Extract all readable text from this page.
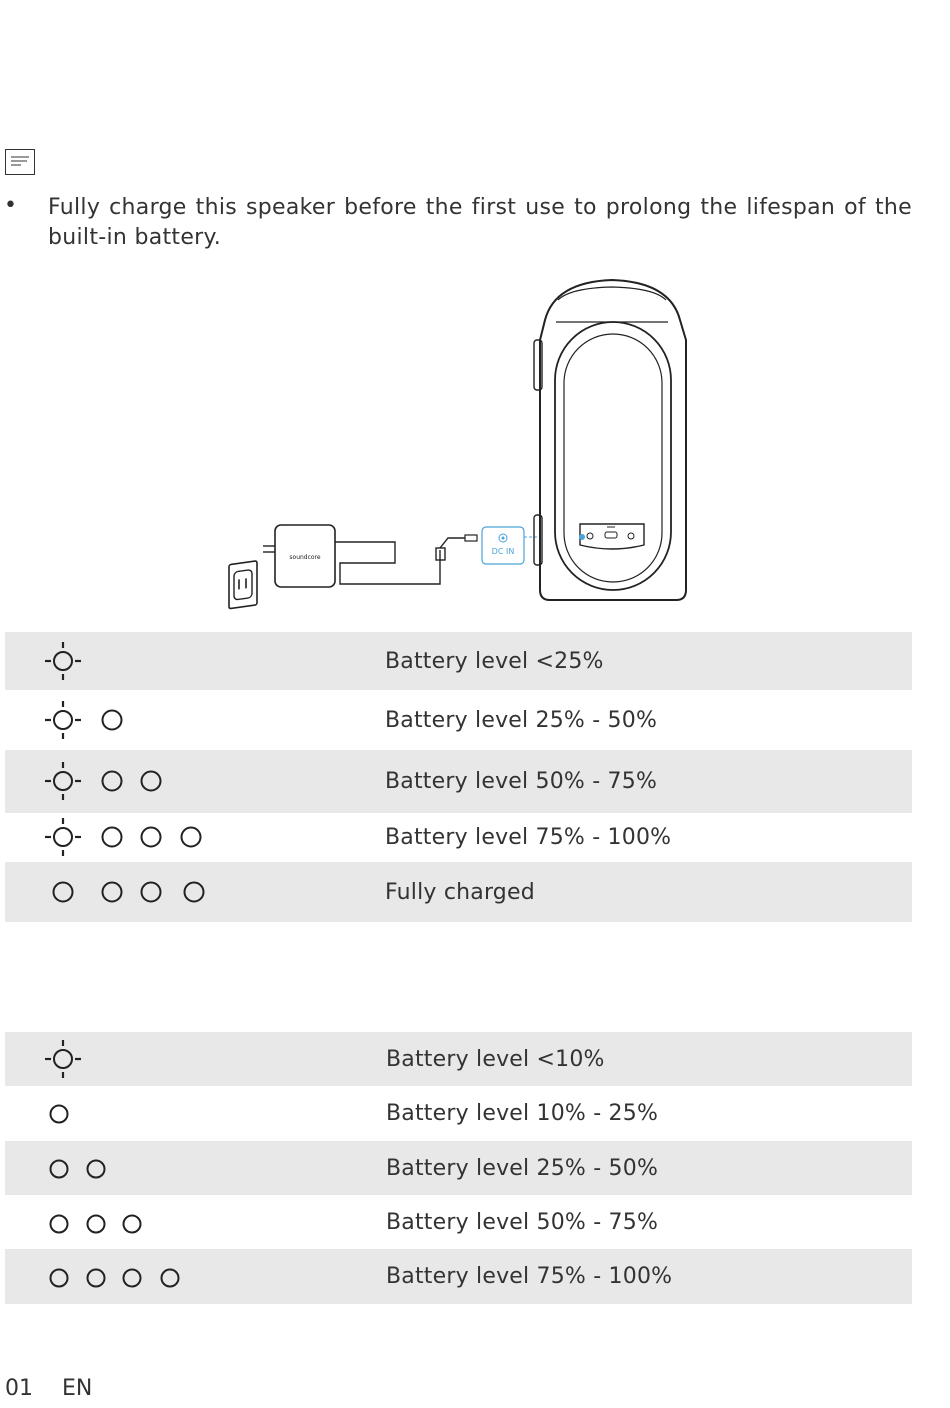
• Fully charge this speaker before the first use to prolong the lifespan of the built-in battery.
soundcore
DC IN
Battery level <25%
Battery level 25% - 50%
Battery level 50% - 75%
Battery level 75% - 100%
Fully charged
Battery level <10%
Battery level 10% - 25%
Battery level 25% - 50%
Battery level 50% - 75%
Battery level 75% - 100%
01 EN
